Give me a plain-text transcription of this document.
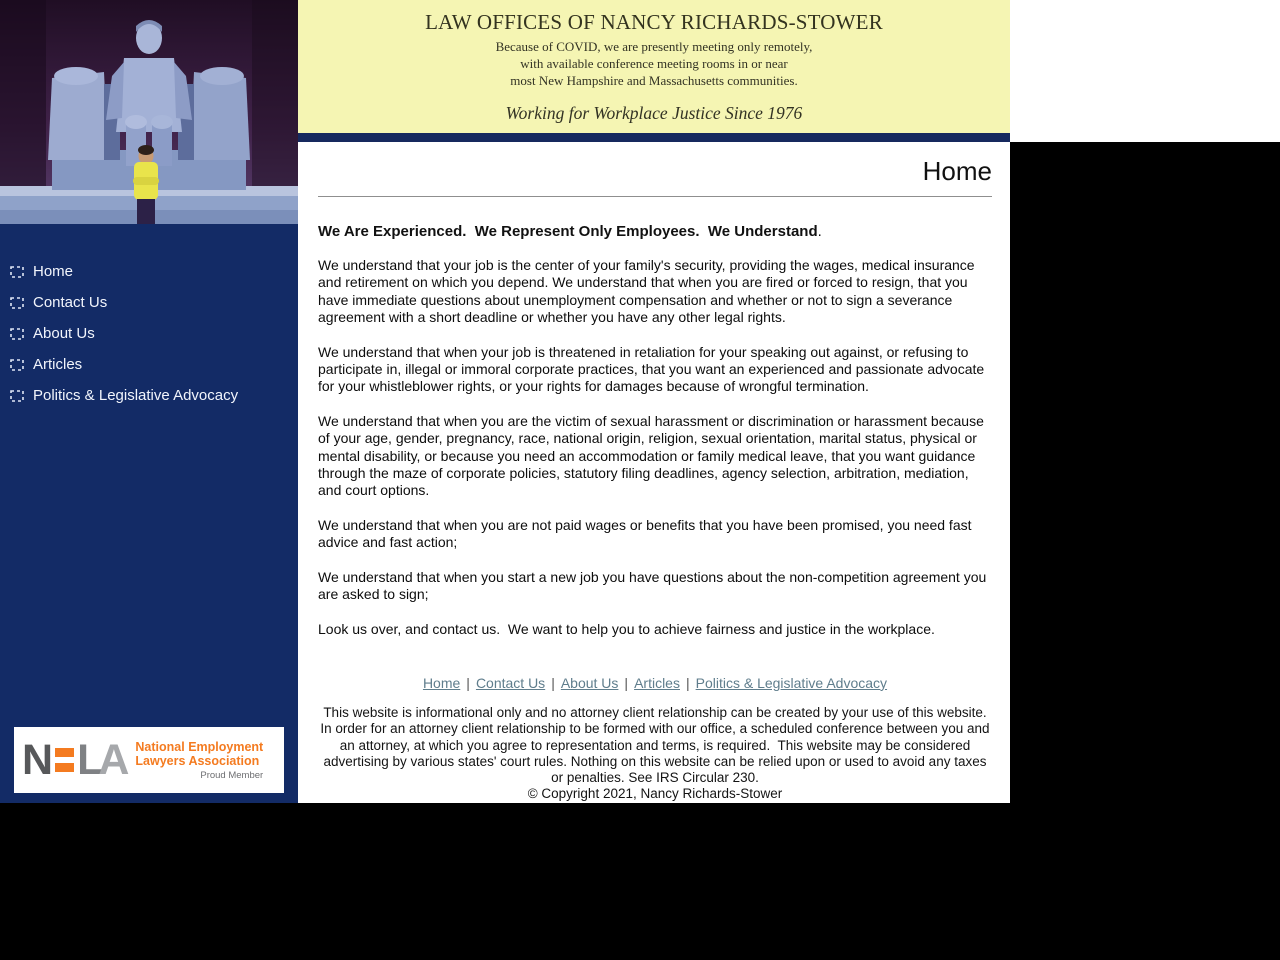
Home
Contact Us
About Us
Articles
Politics & Legislative Advocacy
N L
A National Employment
Lawyers Association
Proud Member
LAW OFFICES OF NANCY RICHARDS-STOWER
Because of COVID, we are presently meeting only remotely,
with available conference meeting rooms in or near
most New Hampshire and Massachusetts communities.
Working for Workplace Justice Since 1976
Home
We Are Experienced.  We Represent Only Employees.  We Understand.

We understand that your job is the center of your family's security, providing the wages, medical insurance and retirement on which you depend. We understand that when you are fired or forced to resign, that you have immediate questions about unemployment compensation and whether or not to sign a severance agreement with a short deadline or whether you have any other legal rights.

We understand that when your job is threatened in retaliation for your speaking out against, or refusing to participate in, illegal or immoral corporate practices, that you want an experienced and passionate advocate for your whistleblower rights, or your rights for damages because of wrongful termination.

We understand that when you are the victim of sexual harassment or discrimination or harassment because of your age, gender, pregnancy, race, national origin, religion, sexual orientation, marital status, physical or mental disability, or because you need an accommodation or family medical leave, that you want guidance through the maze of corporate policies, statutory filing deadlines, agency selection, arbitration, mediation, and court options.

We understand that when you are not paid wages or benefits that you have been promised, you need fast advice and fast action;

We understand that when you start a new job you have questions about the non-competition agreement you are asked to sign;

Look us over, and contact us.  We want to help you to achieve fairness and justice in the workplace.

Home | Contact Us | About Us | Articles | Politics & Legislative Advocacy
This website is informational only and no attorney client relationship can be created by your use of this website.  In order for an attorney client relationship to be formed with our office, a scheduled conference between you and an attorney, at which you agree to representation and terms, is required.  This website may be considered advertising by various states' court rules. Nothing on this website can be relied upon or used to avoid any taxes or penalties. See IRS Circular 230.
© Copyright 2021, Nancy Richards-Stower
